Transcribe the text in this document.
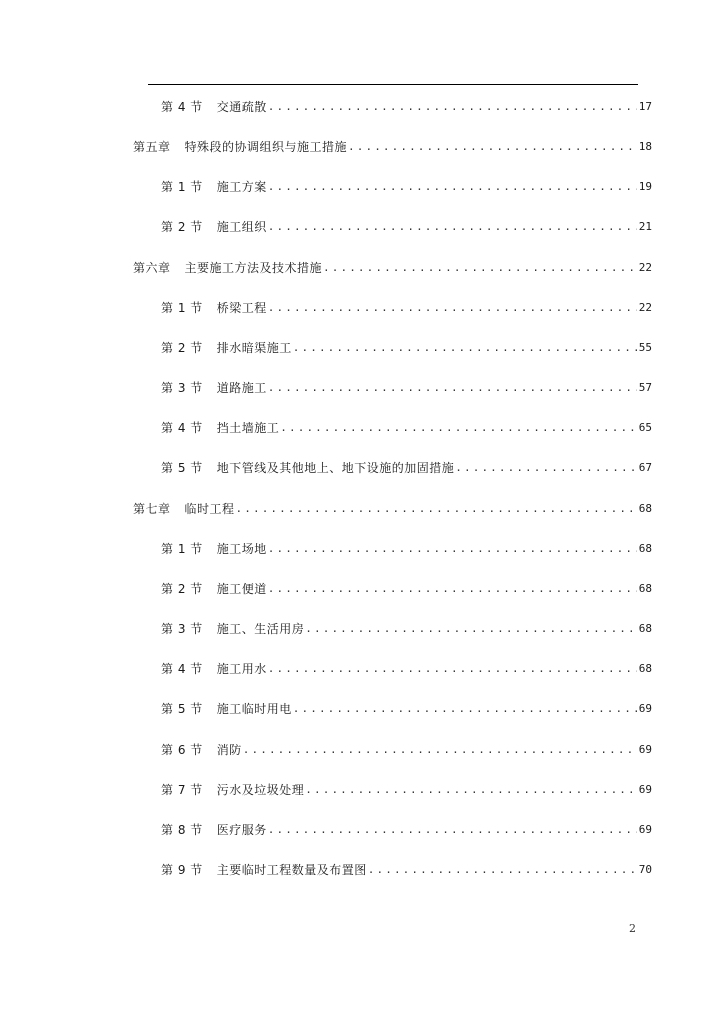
第 4 节 交通疏散 .....	17
第五章 特殊段的协调组织与施工措施 .....	18
第 1 节 施工方案 .....	19
第 2 节 施工组织 .....	21
第六章 主要施工方法及技术措施 .....	22
第 1 节 桥梁工程 .....	22
第 2 节 排水暗渠施工 .....	55
第 3 节 道路施工 .....	57
第 4 节 挡土墙施工 .....	65
第 5 节 地下管线及其他地上、地下设施的加固措施 .....	67
第七章 临时工程 .....	68
第 1 节 施工场地 .....	68
第 2 节 施工便道 .....	68
第 3 节 施工、生活用房 .....	68
第 4 节 施工用水 .....	68
第 5 节 施工临时用电 .....	69
第 6 节 消防 .....	69
第 7 节 污水及垃圾处理 .....	69
第 8 节 医疗服务 .....	69
第 9 节 主要临时工程数量及布置图 .....	70
2
